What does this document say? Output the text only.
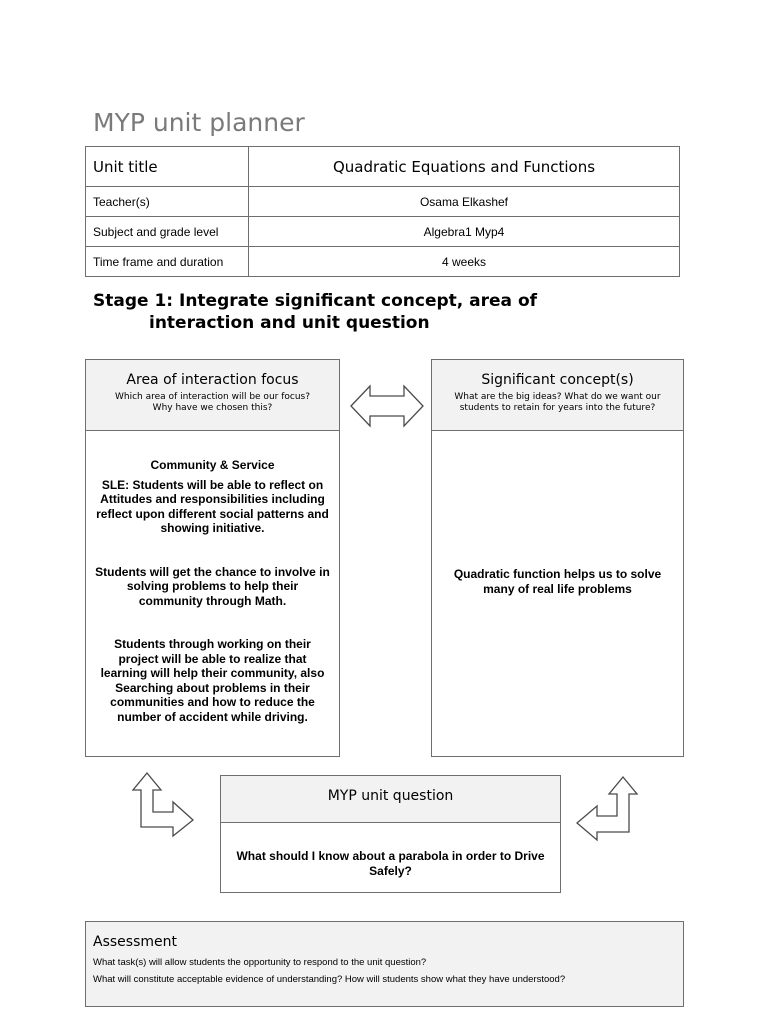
MYP unit planner
Unit title	Quadratic Equations and Functions
Teacher(s)	Osama Elkashef
Subject and grade level	Algebra1 Myp4
Time frame and duration	4 weeks
Stage 1: Integrate significant concept, area of
interaction and unit question
Area of interaction focus
Which area of interaction will be our focus?
Why have we chosen this?

Community & Service

SLE: Students will be able to reflect on
Attitudes and responsibilities including
reflect upon different social patterns and
showing initiative.

Students will get the chance to involve in
solving problems to help their
community through Math.

Students through working on their
project will be able to realize that
learning will help their community, also
Searching about problems in their
communities and how to reduce the
number of accident while driving.

Significant concept(s)
What are the big ideas? What do we want our
students to retain for years into the future?

Quadratic function helps us to solve
many of real life problems

MYP unit question

What should I know about a parabola in order to Drive
Safely?

Assessment
What task(s) will allow students the opportunity to respond to the unit question?
What will constitute acceptable evidence of understanding? How will students show what they have understood?
